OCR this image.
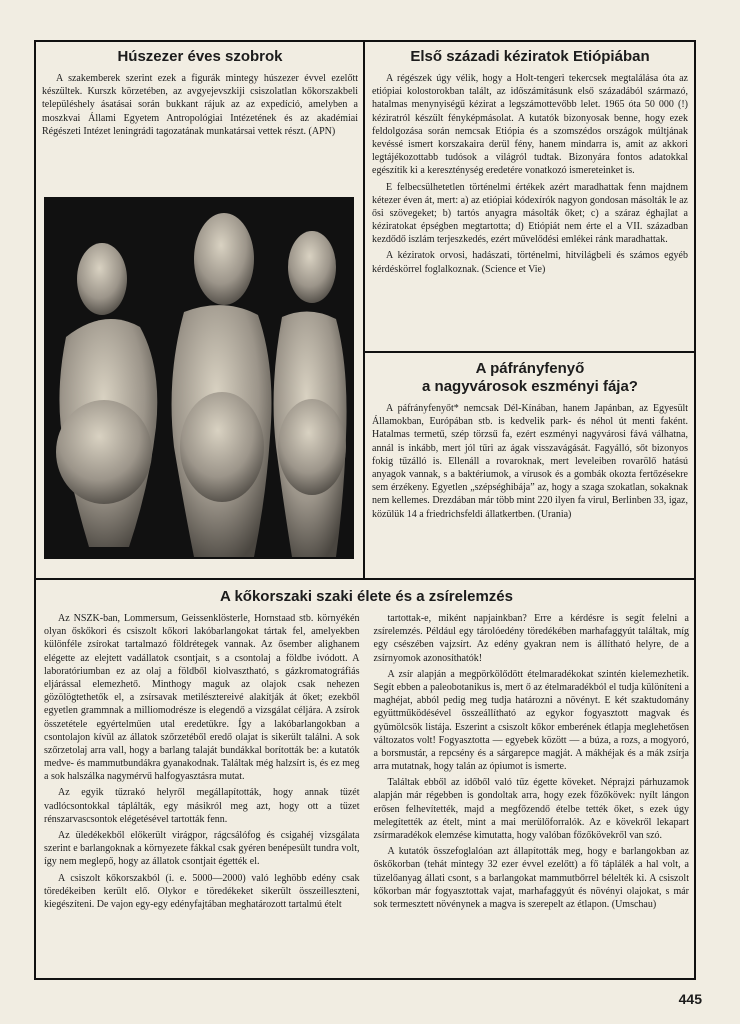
Húszezer éves szobrok

A szakemberek szerint ezek a figurák mintegy húszezer évvel ezelőtt készültek. Kurszk körzetében, az avgyejevszkiji csiszolatlan kőkorszakbeli településhely ásatásai során bukkant rájuk az az expedíció, amelyben a moszkvai Állami Egyetem Antropológiai Intézetének és az akadémiai Régészeti Intézet leningrádi tagozatának munkatársai vettek részt. (APN)

Első századi kéziratok Etiópiában

A régészek úgy vélik, hogy a Holt-tengeri tekercsek megtalálása óta az etiópiai kolostorokban talált, az időszámításunk első századából származó, hatalmas menynyiségű kézirat a legszámottevőbb lelet. 1965 óta 50 000 (!) kéziratról készült fényképmásolat. A kutatók bizonyosak benne, hogy ezek feldolgozása során nemcsak Etiópia és a szomszédos országok múltjának kevéssé ismert korszakaira derül fény, hanem mindarra is, amit az akkori legtájékozottabb tudósok a világról tudtak. Bizonyára fontos adatokkal egészítik ki a kereszténység eredetére vonatkozó ismereteinket is.

E felbecsülhetetlen történelmi értékek azért maradhattak fenn majdnem kétezer éven át, mert: a) az etiópiai kódexírók nagyon gondosan másolták le az ősi szövegeket; b) tartós anyagra másolták őket; c) a száraz éghajlat a kéziratokat épségben megtartotta; d) Etiópiát nem érte el a VII. században kezdődő iszlám terjeszkedés, ezért művelődési emlékei ránk maradhattak.

A kéziratok orvosi, hadászati, történelmi, hitvilágbeli és számos egyéb kérdéskörrel foglalkoznak. (Science et Vie)

A páfrányfenyő
a nagyvárosok eszményi fája?

A páfrányfenyőt* nemcsak Dél-Kínában, hanem Japánban, az Egyesült Államokban, Európában stb. is kedvelik park- és néhol út menti faként. Hatalmas termetű, szép törzsű fa, ezért eszményi nagyvárosi fává válhatna, annál is inkább, mert jól tűri az ágak visszavágását. Fagyálló, sőt bizonyos fokig tűzálló is. Ellenáll a rovaroknak, mert leveleiben rovarölő hatású anyagok vannak, s a baktériumok, a vírusok és a gombák okozta fertőzésekre sem érzékeny. Egyetlen „szépséghibája” az, hogy a szaga szokatlan, sokaknak nem kellemes. Drezdában már több mint 220 ilyen fa virul, Berlinben 33, igaz, közülük 14 a friedrichsfeldi állatkertben. (Urania)

A kőkorszaki szaki élete és a zsírelemzés

Az NSZK-ban, Lommersum, Geissenklösterle, Hornstaad stb. környékén olyan őskőkori és csiszolt kőkori lakóbarlangokat tártak fel, amelyekben különféle zsírokat tartalmazó földrétegek vannak. Az ősember alighanem elégette az elejtett vadállatok csontjait, s a csontolaj a földbe ivódott. A laboratóriumban ez az olaj a földből kiolvasztható, s gázkromatográfiás eljárással elemezhető. Minthogy maguk az olajok csak nehezen gözölögtethetők el, a zsírsavak metilésztereivé alakítják át őket; ezekből egyetlen grammnak a milliomodrésze is elegendő a vizsgálat céljára. A zsírok összetétele egyértelműen utal eredetükre. Így a lakóbarlangokban a csontolajon kívül az állatok szőrzetéből eredő olajat is sikerült találni. A sok szőrzetolaj arra vall, hogy a barlang talaját bundákkal borították be: a kutatók medve- és mammutbundákra gyanakodnak. Találtak még halzsírt is, és ez meg a sok halszálka nagymérvű halfogyasztásra mutat.

Az egyik tűzrakó helyről megállapították, hogy annak tüzét vadlócsontokkal táplálták, egy másikról meg azt, hogy ott a tüzet rénszarvascsontok elégetésével tartották fenn.

Az üledékekből előkerült virágpor, rágcsálófog és csigahéj vizsgálata szerint e barlangoknak a környezete fákkal csak gyéren benépesült tundra volt, így nem meglepő, hogy az állatok csontjait égették el.

A csiszolt kőkorszakból (i. e. 5000—2000) való leghöbb edény csak töredékeiben került elő. Olykor e töredékeket sikerült összeilleszteni, kiegészíteni. De vajon egy-egy edényfajtában meghatározott tartalmú ételt

tartottak-e, miként napjainkban? Erre a kérdésre is segít felelni a zsírelemzés. Például egy tárolóedény töredékében marhafaggyút találtak, míg egy csészében vajzsírt. Az edény gyakran nem is állítható helyre, de a zsírnyomok azonosíthatók!

A zsír alapján a megpörkölődött ételmaradékokat szintén kielemezhetik. Segít ebben a paleobotanikus is, mert ő az ételmaradékból el tudja különíteni a maghéjat, abból pedig meg tudja határozni a növényt. E két szaktudomány együttműködésével összeállítható az egykor fogyasztott magvak és gyümölcsök listája. Eszerint a csiszolt kőkor emberének étlapja meglehetősen változatos volt! Fogyasztotta — egyebek között — a búza, a rozs, a mogyoró, a borsmustár, a repcsény és a sárgarepce magját. A mákhéjak és a mák zsírja arra mutatnak, hogy talán az ópiumot is ismerte.

Találtak ebből az időből való tűz égette köveket. Néprajzi párhuzamok alapján már régebben is gondoltak arra, hogy ezek főzőkövek: nyílt lángon erősen felhevítették, majd a megfőzendő ételbe tették őket, s ezek úgy melegítették az ételt, mint a mai merülőforralók. Az e kövekről lekapart zsírmaradékok elemzése kimutatta, hogy valóban főzőkövekről van szó.

A kutatók összefoglalóan azt állapították meg, hogy e barlangokban az őskőkorban (tehát mintegy 32 ezer évvel ezelőtt) a fő táplálék a hal volt, a tüzelőanyag állati csont, s a barlangokat mammutbőrrel bélelték ki. A csiszolt kőkorban már fogyasztottak vajat, marhafaggyút és növényi olajokat, s már sok termesztett növénynek a magva is szerepelt az étlapon. (Umschau)

445
